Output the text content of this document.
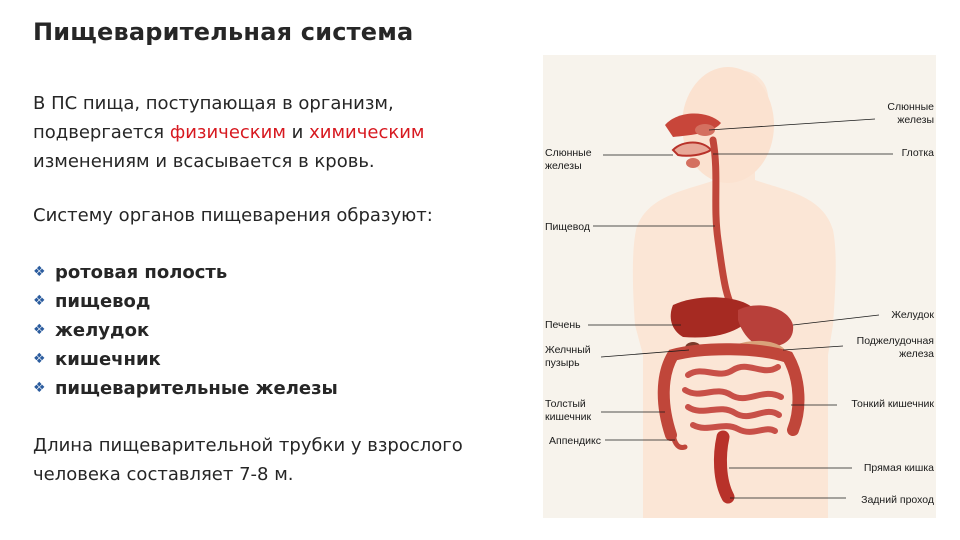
Пищеварительная система
В ПС пища, поступающая в организм,
подвергается физическим и химическим
изменениям и всасывается в кровь.
Систему органов пищеварения образуют:
❖ ротовая полость
❖ пищевод
❖ желудок
❖ кишечник
❖ пищеварительные железы
Длина пищеварительной трубки у взрослого
человека составляет 7-8 м.
Слюнные
железы
Пищевод
Печень
Желчный
пузырь
Толстый
кишечник
Аппендикс
Слюнные
железы
Глотка
Желудок
Поджелудочная
железа
Тонкий кишечник
Прямая кишка
Задний проход
